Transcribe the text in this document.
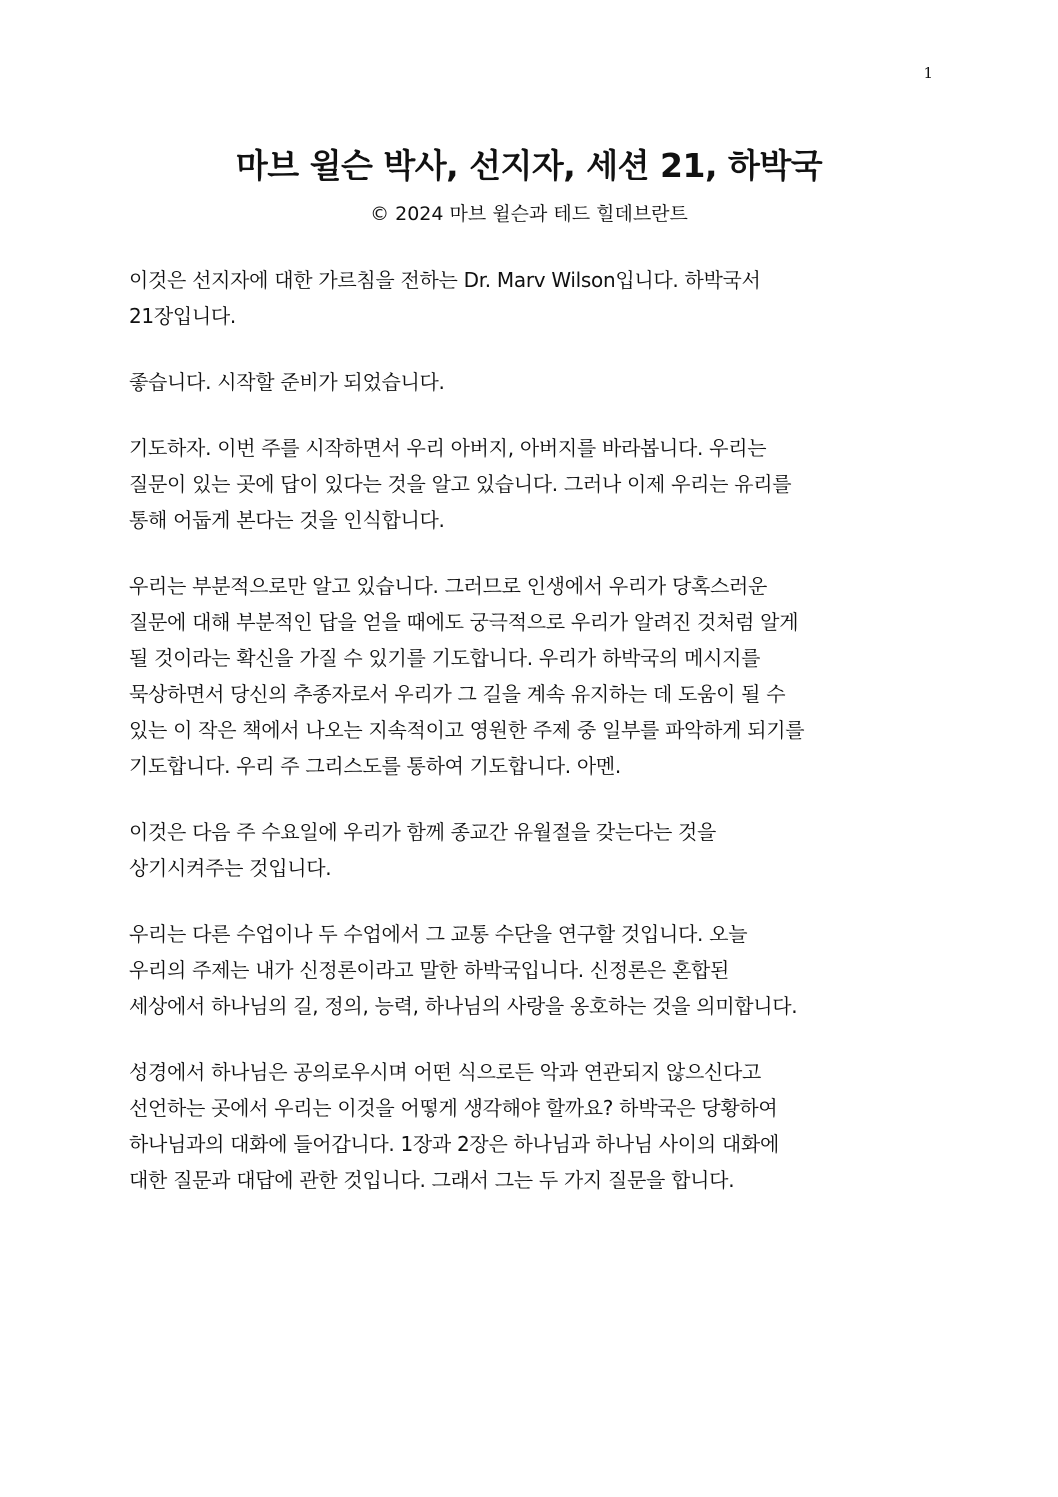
1
마브 윌슨 박사, 선지자, 세션 21, 하박국
© 2024 마브 윌슨과 테드 힐데브란트

이것은 선지자에 대한 가르침을 전하는 Dr. Marv Wilson입니다. 하박국서
21장입니다.

좋습니다. 시작할 준비가 되었습니다.

기도하자. 이번 주를 시작하면서 우리 아버지, 아버지를 바라봅니다. 우리는
질문이 있는 곳에 답이 있다는 것을 알고 있습니다. 그러나 이제 우리는 유리를
통해 어둡게 본다는 것을 인식합니다.

우리는 부분적으로만 알고 있습니다. 그러므로 인생에서 우리가 당혹스러운
질문에 대해 부분적인 답을 얻을 때에도 궁극적으로 우리가 알려진 것처럼 알게
될 것이라는 확신을 가질 수 있기를 기도합니다. 우리가 하박국의 메시지를
묵상하면서 당신의 추종자로서 우리가 그 길을 계속 유지하는 데 도움이 될 수
있는 이 작은 책에서 나오는 지속적이고 영원한 주제 중 일부를 파악하게 되기를
기도합니다. 우리 주 그리스도를 통하여 기도합니다. 아멘.

이것은 다음 주 수요일에 우리가 함께 종교간 유월절을 갖는다는 것을
상기시켜주는 것입니다.

우리는 다른 수업이나 두 수업에서 그 교통 수단을 연구할 것입니다. 오늘
우리의 주제는 내가 신정론이라고 말한 하박국입니다. 신정론은 혼합된
세상에서 하나님의 길, 정의, 능력, 하나님의 사랑을 옹호하는 것을 의미합니다.

성경에서 하나님은 공의로우시며 어떤 식으로든 악과 연관되지 않으신다고
선언하는 곳에서 우리는 이것을 어떻게 생각해야 할까요? 하박국은 당황하여
하나님과의 대화에 들어갑니다. 1장과 2장은 하나님과 하나님 사이의 대화에
대한 질문과 대답에 관한 것입니다. 그래서 그는 두 가지 질문을 합니다.
